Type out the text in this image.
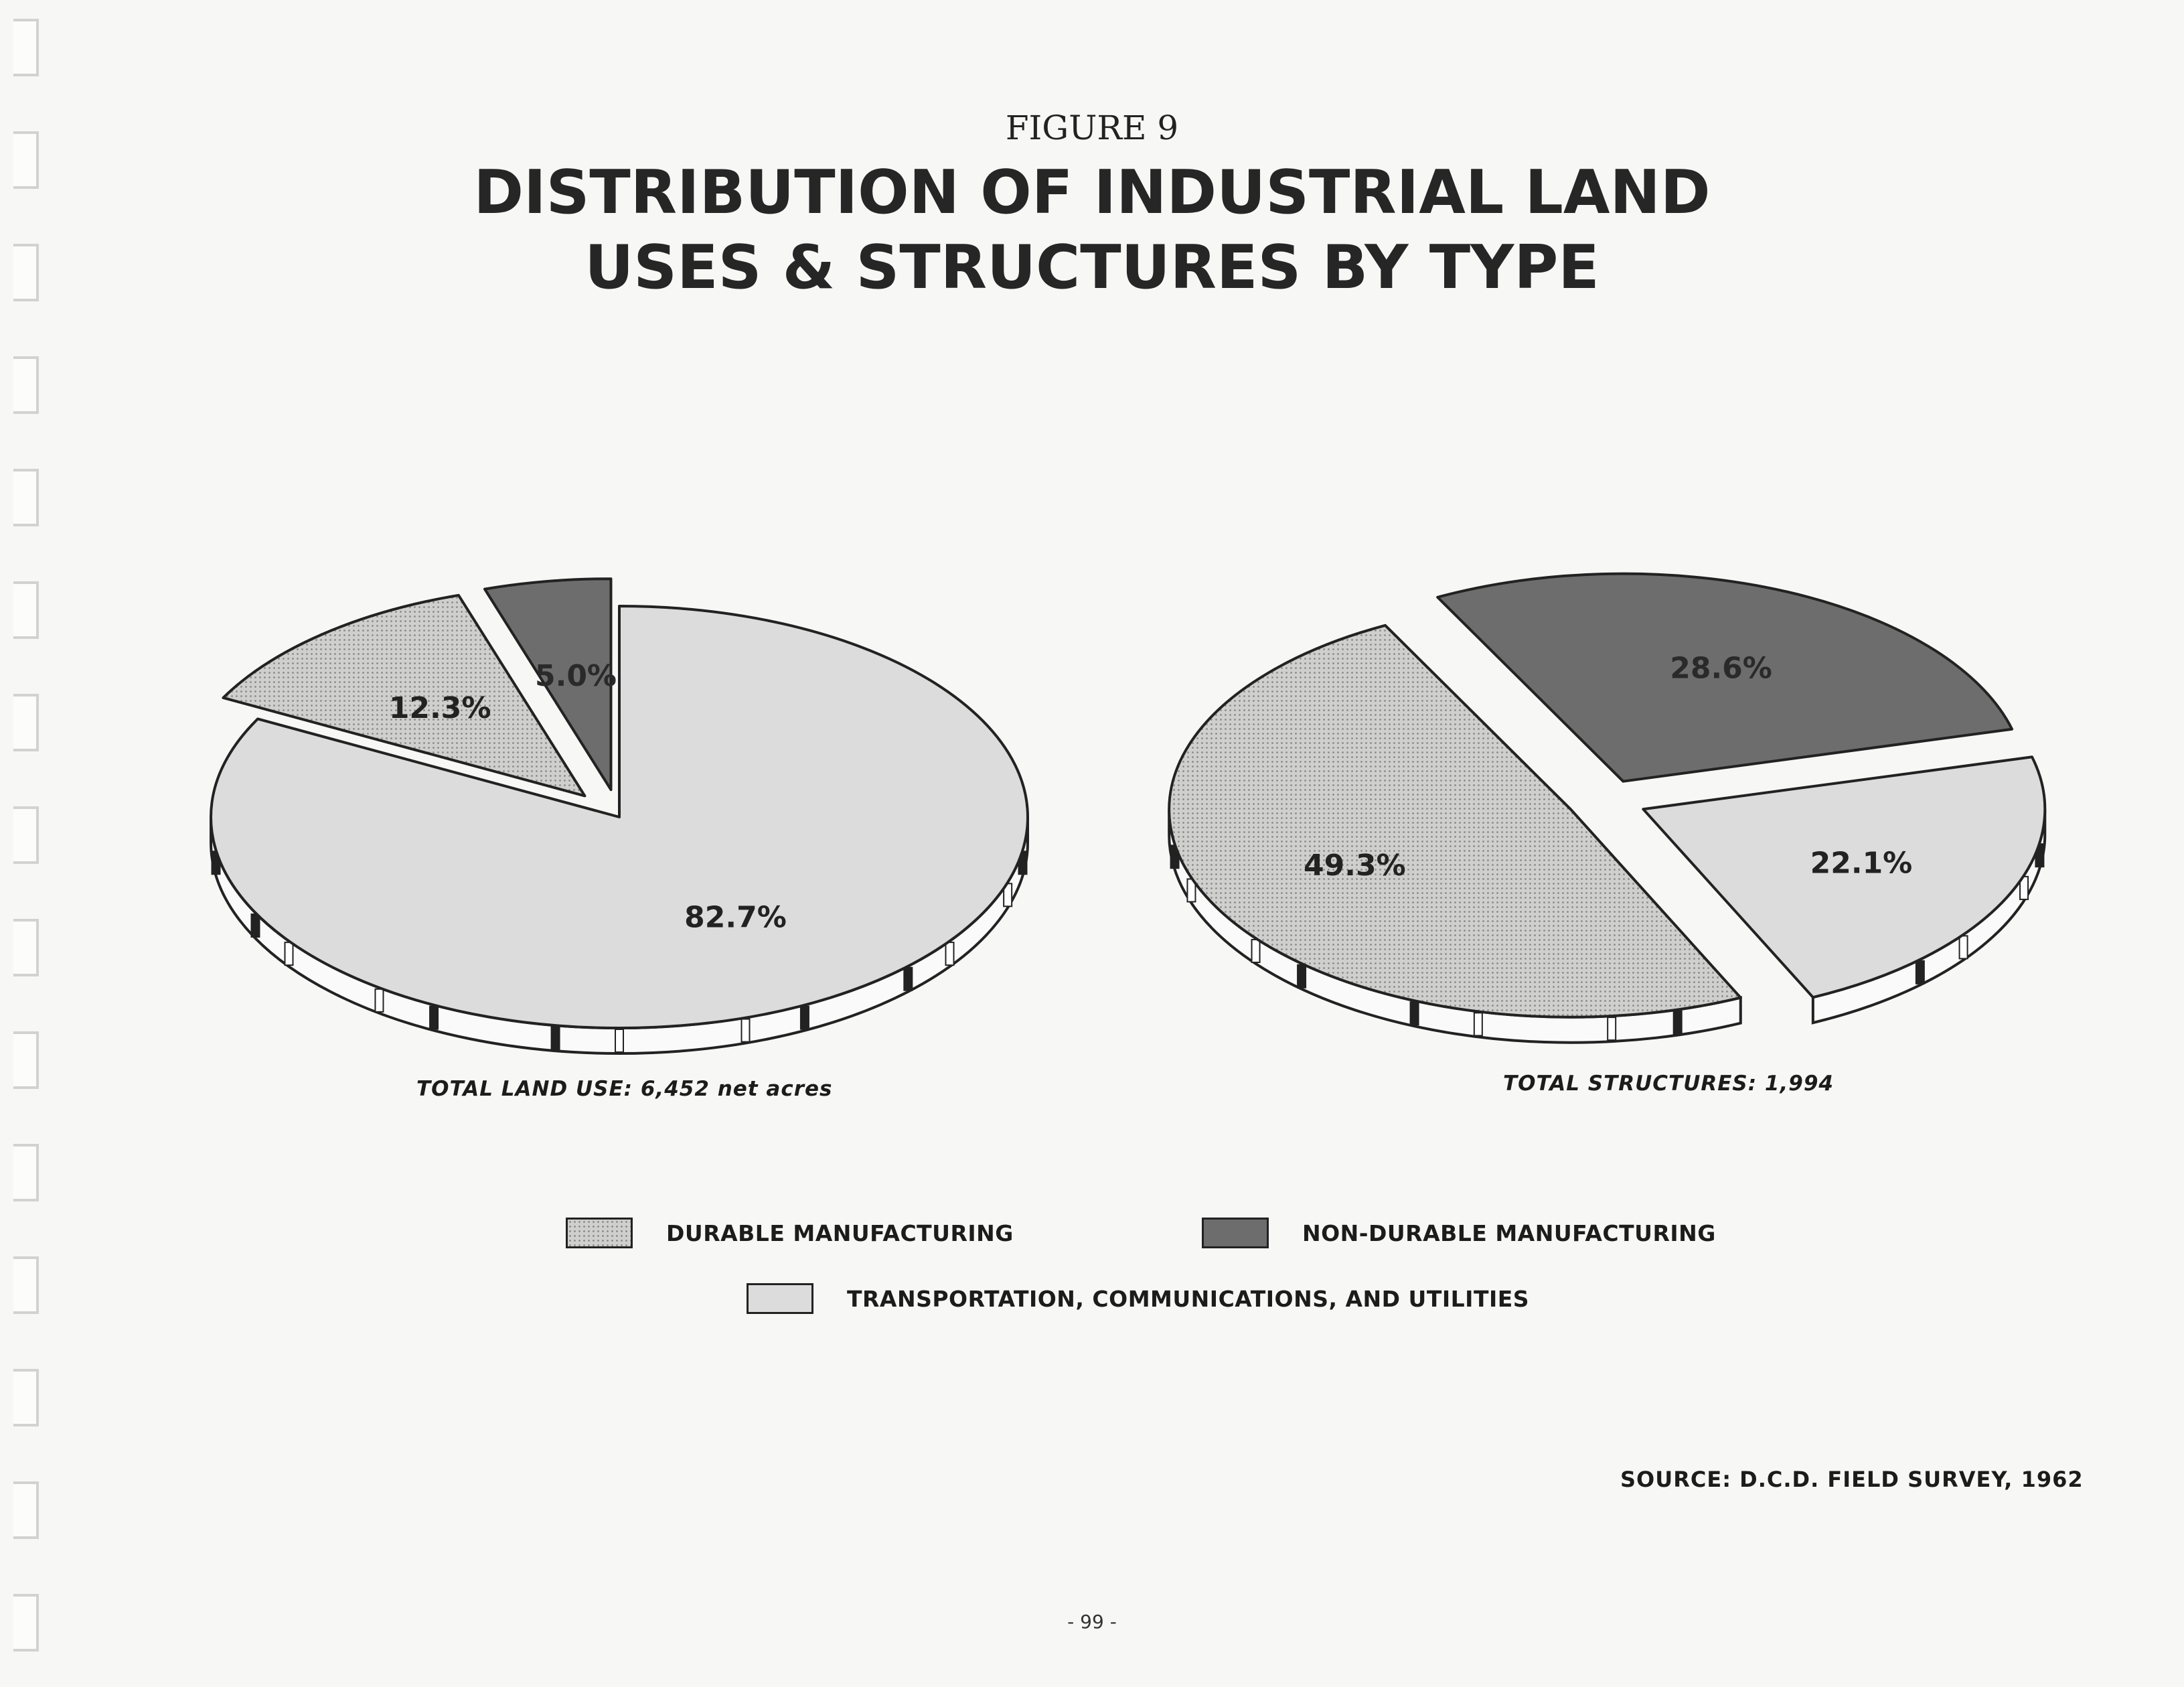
FIGURE 9
DISTRIBUTION OF INDUSTRIAL LAND
USES & STRUCTURES BY TYPE
82.7%
12.3%
5.0%
49.3%
28.6%
22.1%
TOTAL LAND USE: 6,452 net acres	TOTAL STRUCTURES: 1,994
DURABLE MANUFACTURING	NON-DURABLE MANUFACTURING
TRANSPORTATION, COMMUNICATIONS, AND UTILITIES
SOURCE: D.C.D. FIELD SURVEY, 1962
- 99 -
